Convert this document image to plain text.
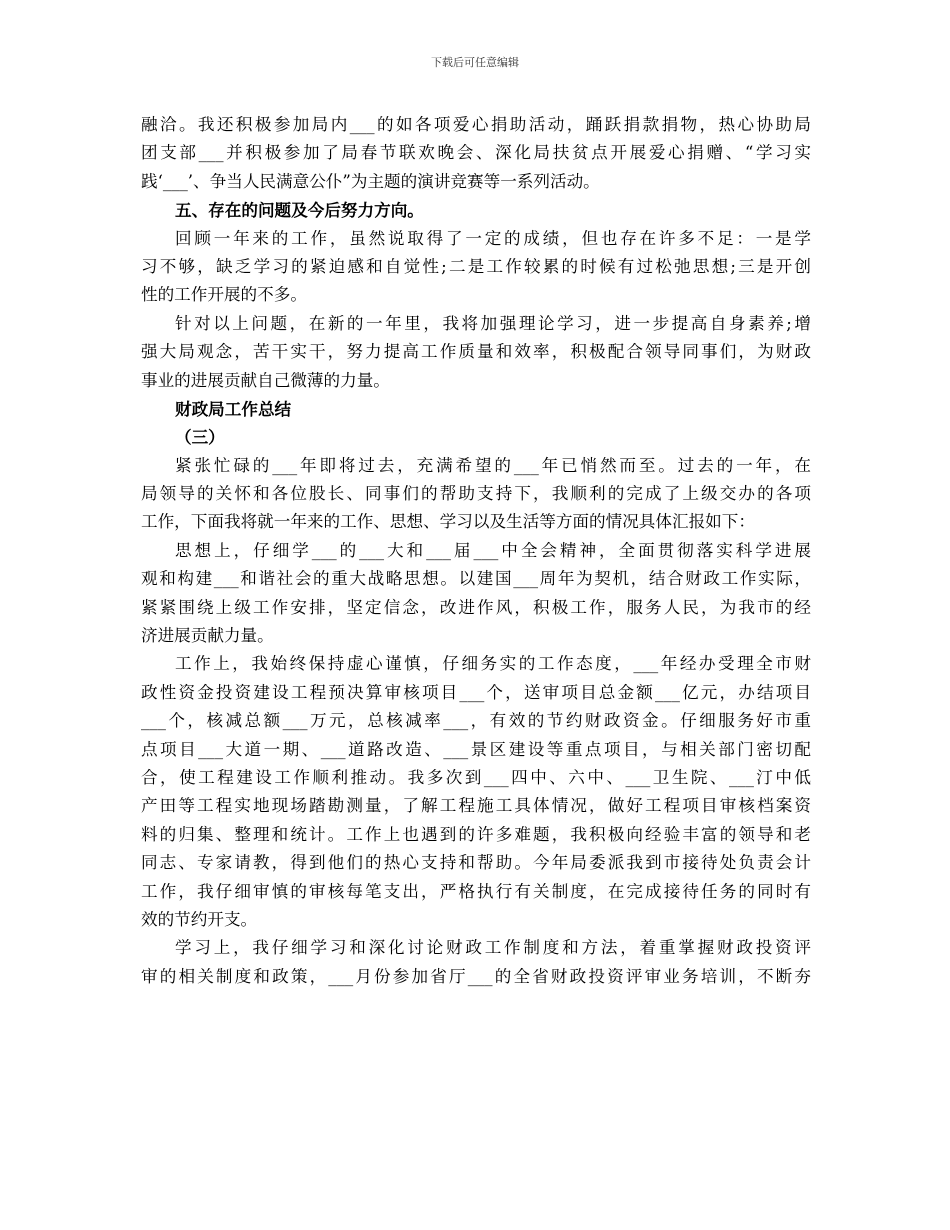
下载后可任意编辑
融洽。我还积极参加局内___的如各项爱心捐助活动，踊跃捐款捐物，热心协助局
团支部___并积极参加了局春节联欢晚会、深化局扶贫点开展爱心捐赠、“学习实
践‘___’、争当人民满意公仆”为主题的演讲竞赛等一系列活动。
五、存在的问题及今后努力方向。
回顾一年来的工作，虽然说取得了一定的成绩，但也存在许多不足：一是学
习不够，缺乏学习的紧迫感和自觉性;二是工作较累的时候有过松弛思想;三是开创
性的工作开展的不多。
针对以上问题，在新的一年里，我将加强理论学习，进一步提高自身素养;增
强大局观念，苦干实干，努力提高工作质量和效率，积极配合领导同事们，为财政
事业的进展贡献自己微薄的力量。
财政局工作总结
（三）
紧张忙碌的___年即将过去，充满希望的___年已悄然而至。过去的一年，在
局领导的关怀和各位股长、同事们的帮助支持下，我顺利的完成了上级交办的各项
工作，下面我将就一年来的工作、思想、学习以及生活等方面的情况具体汇报如下：
思想上，仔细学___的___大和___届___中全会精神，全面贯彻落实科学进展
观和构建___和谐社会的重大战略思想。以建国___周年为契机，结合财政工作实际，
紧紧围绕上级工作安排，坚定信念，改进作风，积极工作，服务人民，为我市的经
济进展贡献力量。
工作上，我始终保持虚心谨慎，仔细务实的工作态度，___年经办受理全市财
政性资金投资建设工程预决算审核项目___个，送审项目总金额___亿元，办结项目
___个，核减总额___万元，总核减率___，有效的节约财政资金。仔细服务好市重
点项目___大道一期、___道路改造、___景区建设等重点项目，与相关部门密切配
合，使工程建设工作顺利推动。我多次到___四中、六中、___卫生院、___汀中低
产田等工程实地现场踏勘测量，了解工程施工具体情况，做好工程项目审核档案资
料的归集、整理和统计。工作上也遇到的许多难题，我积极向经验丰富的领导和老
同志、专家请教，得到他们的热心支持和帮助。今年局委派我到市接待处负责会计
工作，我仔细审慎的审核每笔支出，严格执行有关制度，在完成接待任务的同时有
效的节约开支。
学习上，我仔细学习和深化讨论财政工作制度和方法，着重掌握财政投资评
审的相关制度和政策，___月份参加省厅___的全省财政投资评审业务培训，不断夯
